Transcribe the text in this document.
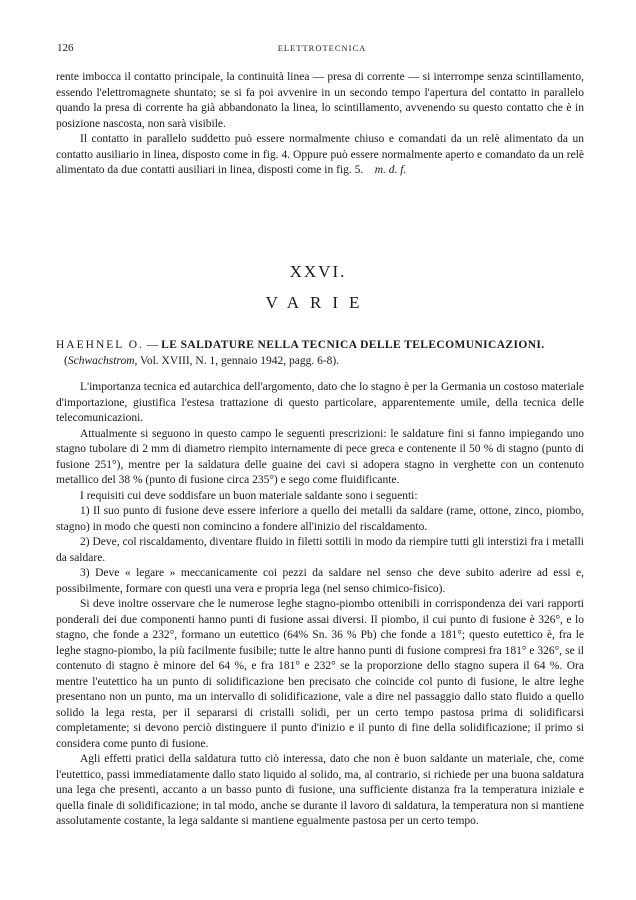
126	ELETTROTECNICA

rente imbocca il contatto principale, la continuità linea — presa di corrente — si interrompe senza scintillamento, essendo l'elettromagnete shuntato; se si fa poi avvenire in un secondo tempo l'apertura del contatto in parallelo quando la presa di corrente ha già abbandonato la linea, lo scintillamento, avvenendo su questo contatto che è in posizione nascosta, non sarà visibile.

Il contatto in parallelo suddetto può essere normalmente chiuso e comandati da un relè alimentato da un contatto ausiliario in linea, disposto come in fig. 4. Oppure può essere normalmente aperto e comandato da un relè alimentato da due contatti ausiliari in linea, disposti come in fig. 5. m. d. f.

XXVI.
VARIE
HAEHNEL O. — LE SALDATURE NELLA TECNICA DELLE TELECOMUNICAZIONI.
(Schwachstrom, Vol. XVIII, N. 1, gennaio 1942, pagg. 6-8).

L'importanza tecnica ed autarchica dell'argomento, dato che lo stagno è per la Germania un costoso materiale d'importazione, giustifica l'estesa trattazione di questo particolare, apparentemente umile, della tecnica delle telecomunicazioni.

Attualmente si seguono in questo campo le seguenti prescrizioni: le saldature fini si fanno impiegando uno stagno tubolare di 2 mm di diametro riempito internamente di pece greca e contenente il 50 % di stagno (punto di fusione 251°), mentre per la saldatura delle guaine dei cavi si adopera stagno in verghette con un contenuto metallico del 38 % (punto di fusione circa 235°) e sego come fluidificante.

I requisiti cui deve soddisfare un buon materiale saldante sono i seguenti:

1) Il suo punto di fusione deve essere inferiore a quello dei metalli da saldare (rame, ottone, zinco, piombo, stagno) in modo che questi non comincino a fondere all'inizio del riscaldamento.

2) Deve, col riscaldamento, diventare fluido in filetti sottili in modo da riempire tutti gli interstizi fra i metalli da saldare.

3) Deve « legare » meccanicamente coi pezzi da saldare nel senso che deve subito aderire ad essi e, possibilmente, formare con questi una vera e propria lega (nel senso chimico-fisico).

Si deve inoltre osservare che le numerose leghe stagno-piombo ottenibili in corrispondenza dei vari rapporti ponderali dei due componenti hanno punti di fusione assai diversi. Il piombo, il cui punto di fusione è 326°, e lo stagno, che fonde a 232°, formano un eutettico (64% Sn. 36 % Pb) che fonde a 181°; questo eutettico è, fra le leghe stagno-piombo, la più facilmente fusibile; tutte le altre hanno punti di fusione compresi fra 181° e 326°, se il contenuto di stagno è minore del 64 %, e fra 181° e 232° se la proporzione dello stagno supera il 64 %. Ora mentre l'eutettico ha un punto di solidificazione ben precisato che coincide col punto di fusione, le altre leghe presentano non un punto, ma un intervallo di solidificazione, vale a dire nel passaggio dallo stato fluido a quello solido la lega resta, per il separarsi di cristalli solidi, per un certo tempo pastosa prima di solidificarsi completamente; si devono perciò distinguere il punto d'inizio e il punto di fine della solidificazione; il primo si considera come punto di fusione.

Agli effetti pratici della saldatura tutto ciò interessa, dato che non è buon saldante un materiale, che, come l'eutettico, passi immediatamente dallo stato liquido al solido, ma, al contrario, si richiede per una buona saldatura una lega che presenti, accanto a un basso punto di fusione, una sufficiente distanza fra la temperatura iniziale e quella finale di solidificazione; in tal modo, anche se durante il lavoro di saldatura, la temperatura non si mantiene assolutamente costante, la lega saldante si mantiene egualmente pastosa per un certo tempo.
